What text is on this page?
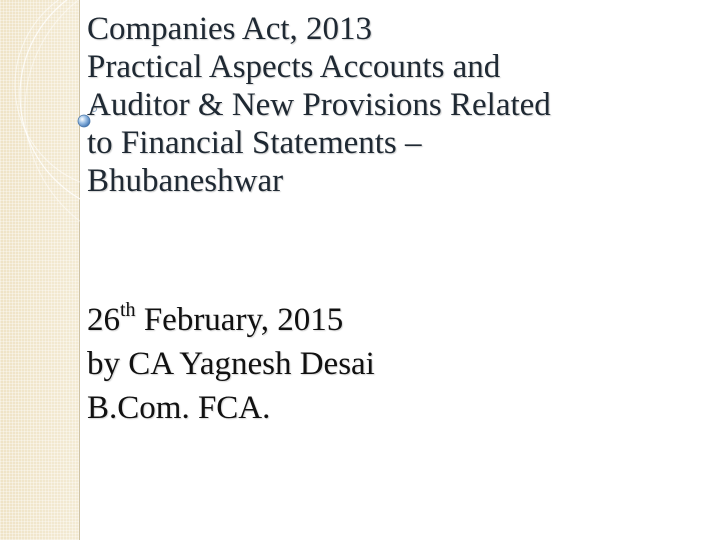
Companies Act, 2013
Practical Aspects Accounts and
Auditor & New Provisions Related
to Financial Statements –
Bhubaneshwar
26th February, 2015
by CA Yagnesh Desai
B.Com. FCA.
